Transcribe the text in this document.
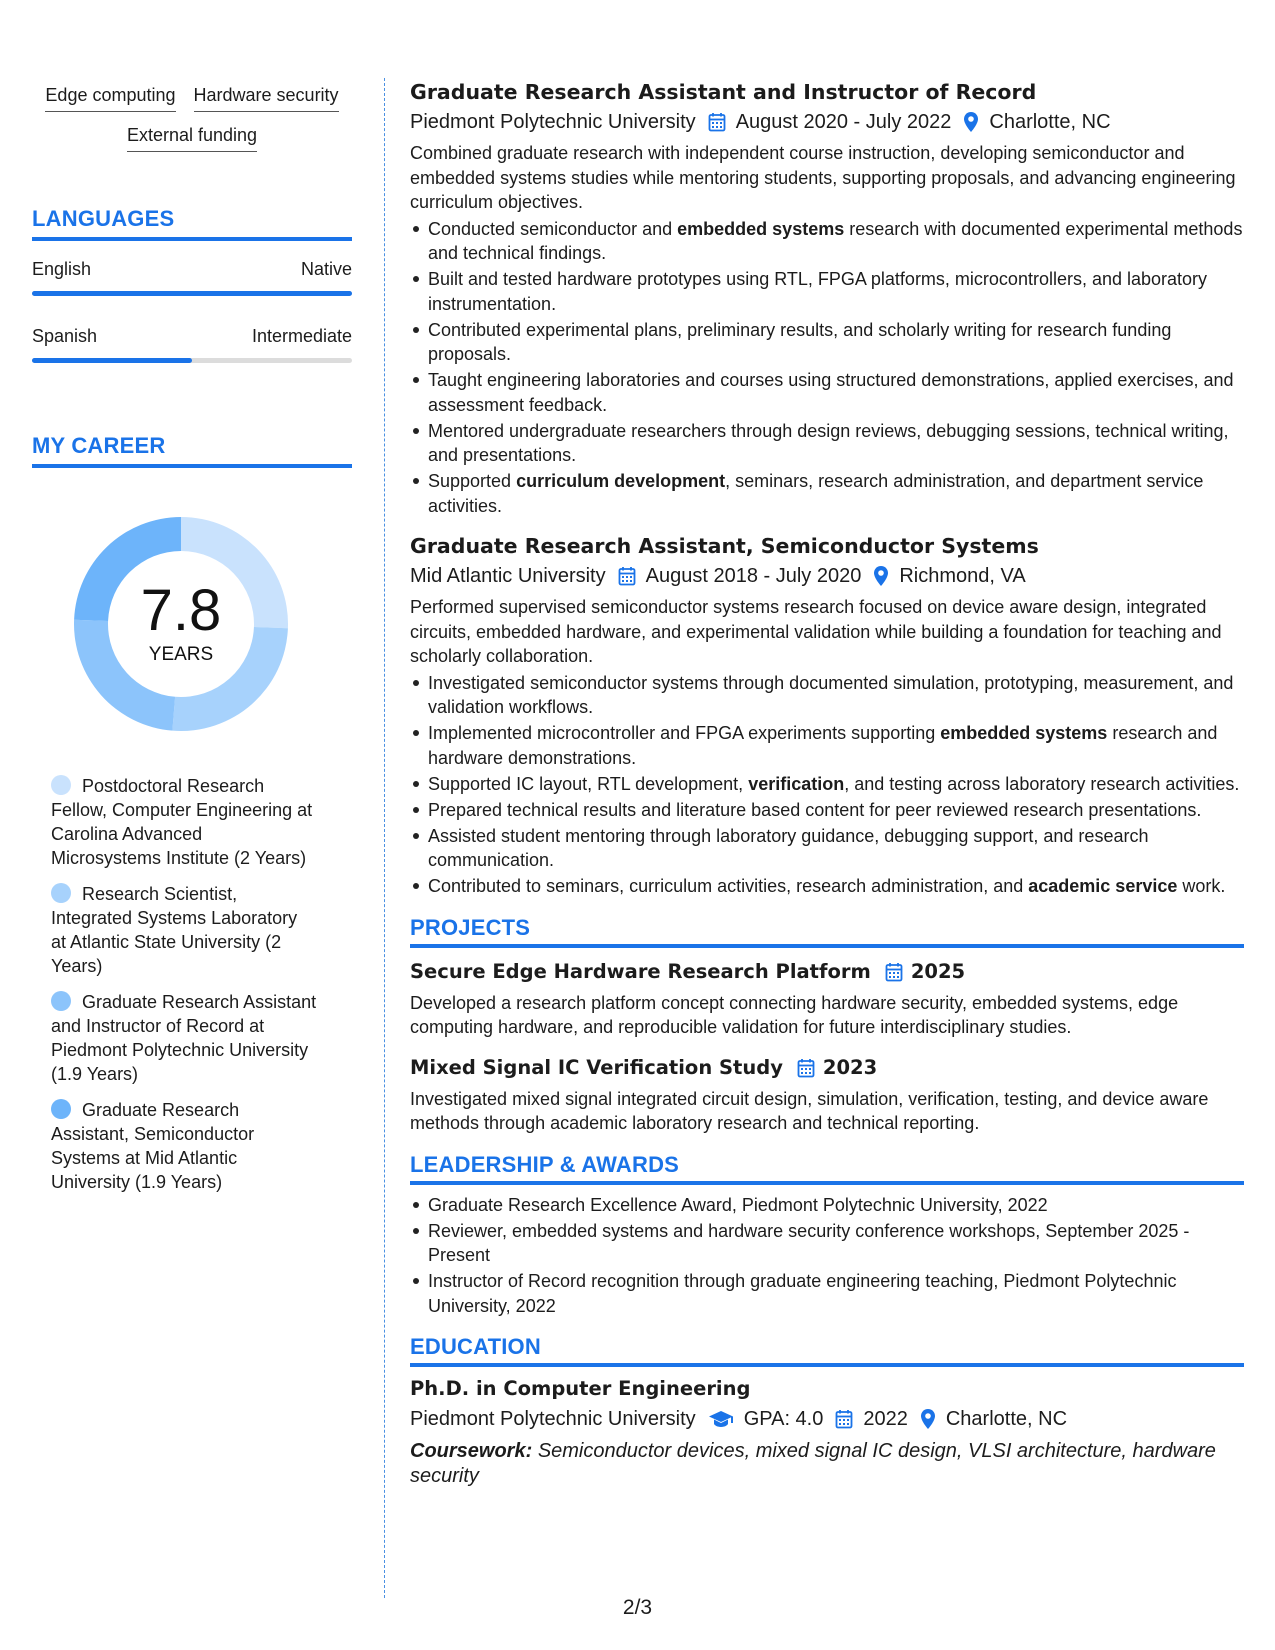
Edge computing Hardware security
External funding
LANGUAGES
English	Native
Spanish	Intermediate
MY CAREER
7.8
YEARS
Postdoctoral Research Fellow, Computer Engineering at Carolina Advanced Microsystems Institute (2 Years)
Research Scientist, Integrated Systems Laboratory at Atlantic State University (2 Years)
Graduate Research Assistant and Instructor of Record at Piedmont Polytechnic University (1.9 Years)
Graduate Research Assistant, Semiconductor Systems at Mid Atlantic University (1.9 Years)
Graduate Research Assistant and Instructor of Record
Piedmont Polytechnic University August 2020 - July 2022 Charlotte, NC

Combined graduate research with independent course instruction, developing semiconductor and embedded systems studies while mentoring students, supporting proposals, and advancing engineering curriculum objectives.

Conducted semiconductor and embedded systems research with documented experimental methods and technical findings.
Built and tested hardware prototypes using RTL, FPGA platforms, microcontrollers, and laboratory instrumentation.
Contributed experimental plans, preliminary results, and scholarly writing for research funding proposals.
Taught engineering laboratories and courses using structured demonstrations, applied exercises, and assessment feedback.
Mentored undergraduate researchers through design reviews, debugging sessions, technical writing, and presentations.
Supported curriculum development, seminars, research administration, and department service activities.
Graduate Research Assistant, Semiconductor Systems
Mid Atlantic University August 2018 - July 2020 Richmond, VA

Performed supervised semiconductor systems research focused on device aware design, integrated circuits, embedded hardware, and experimental validation while building a foundation for teaching and scholarly collaboration.

Investigated semiconductor systems through documented simulation, prototyping, measurement, and validation workflows.
Implemented microcontroller and FPGA experiments supporting embedded systems research and hardware demonstrations.
Supported IC layout, RTL development, verification, and testing across laboratory research activities.
Prepared technical results and literature based content for peer reviewed research presentations.
Assisted student mentoring through laboratory guidance, debugging support, and research communication.
Contributed to seminars, curriculum activities, research administration, and academic service work.
PROJECTS
Secure Edge Hardware Research Platform 2025

Developed a research platform concept connecting hardware security, embedded systems, edge computing hardware, and reproducible validation for future interdisciplinary studies.

Mixed Signal IC Verification Study 2023

Investigated mixed signal integrated circuit design, simulation, verification, testing, and device aware methods through academic laboratory research and technical reporting.

LEADERSHIP & AWARDS
Graduate Research Excellence Award, Piedmont Polytechnic University, 2022
Reviewer, embedded systems and hardware security conference workshops, September 2025 - Present
Instructor of Record recognition through graduate engineering teaching, Piedmont Polytechnic University, 2022
EDUCATION
Ph.D. in Computer Engineering
Piedmont Polytechnic University GPA: 4.0 2022 Charlotte, NC

Coursework: Semiconductor devices, mixed signal IC design, VLSI architecture, hardware security

2/3
